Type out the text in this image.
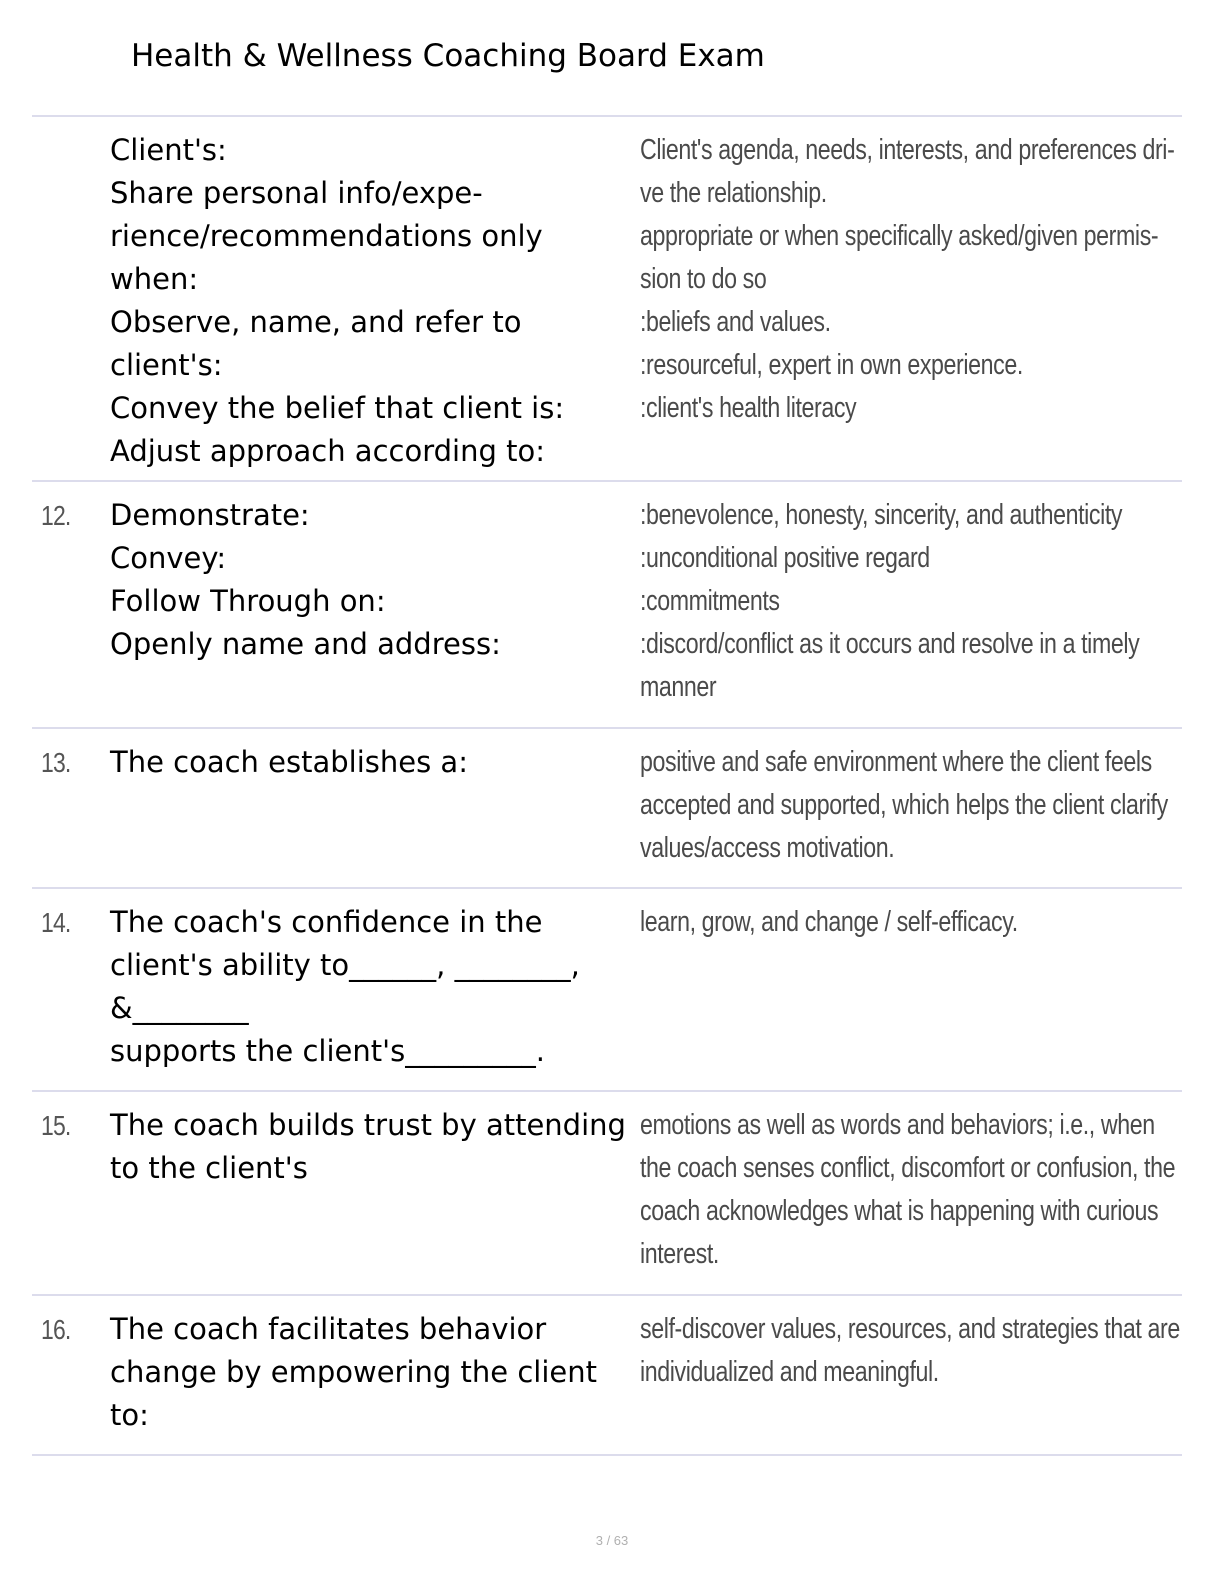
Health & Wellness Coaching Board Exam
Client's:
Share personal info/expe-
rience/recommendations only
when:
Observe, name, and refer to
client's:
Convey the belief that client is:
Adjust approach according to:
Client's agenda, needs, interests, and preferences dri-
ve the relationship.
appropriate or when specifically asked/given permis-
sion to do so
:beliefs and values.
:resourceful, expert in own experience.
:client's health literacy
12. Demonstrate:
Convey:
Follow Through on:
Openly name and address:
:benevolence, honesty, sincerity, and authenticity
:unconditional positive regard
:commitments
:discord/conflict as it occurs and resolve in a timely
manner
13. The coach establishes a:	positive and safe environment where the client feels
accepted and supported, which helps the client clarify
values/access motivation.
14. The coach's confidence in the
client's ability to______, ________,
&________
supports the client's_________.
learn, grow, and change / self-efficacy.
15. The coach builds trust by attending
to the client's
emotions as well as words and behaviors; i.e., when
the coach senses conflict, discomfort or confusion, the
coach acknowledges what is happening with curious
interest.
16. The coach facilitates behavior
change by empowering the client
to:
self-discover values, resources, and strategies that are
individualized and meaningful.
3 / 63
